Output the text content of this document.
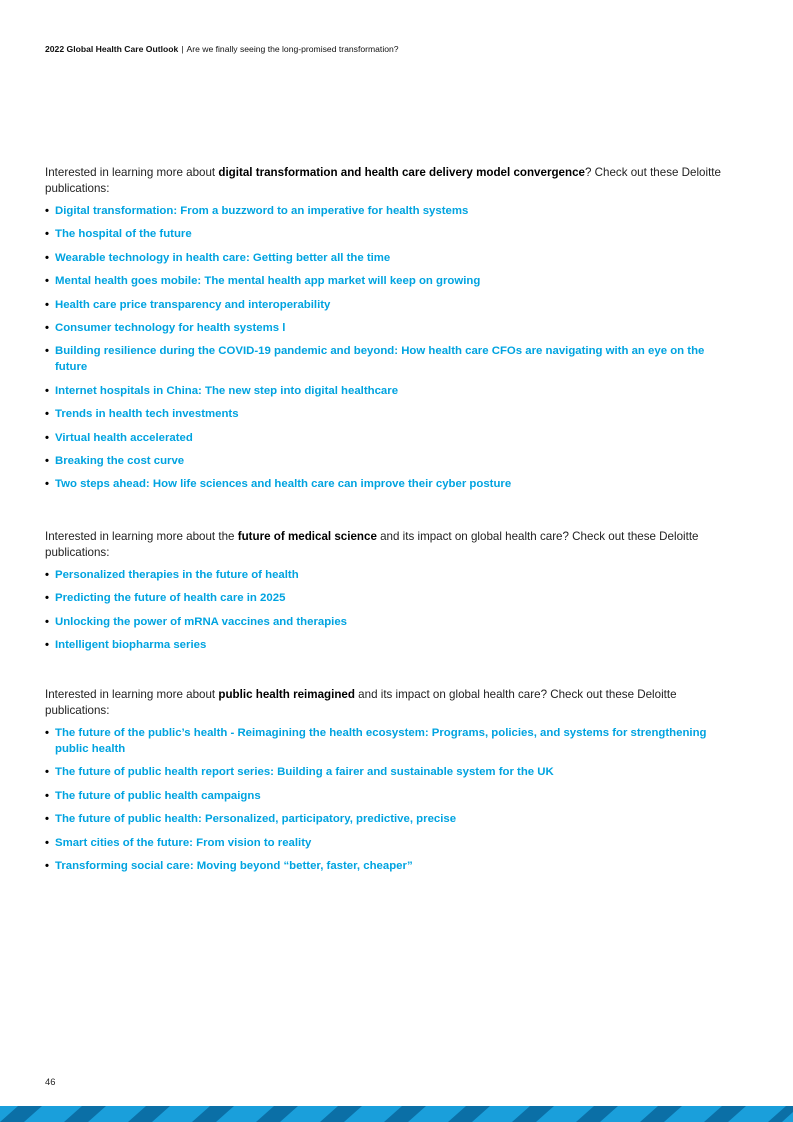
2022 Global Health Care Outlook | Are we finally seeing the long-promised transformation?

Interested in learning more about digital transformation and health care delivery model convergence? Check out these Deloitte publications:

• Digital transformation: From a buzzword to an imperative for health systems
• The hospital of the future
• Wearable technology in health care: Getting better all the time
• Mental health goes mobile: The mental health app market will keep on growing
• Health care price transparency and interoperability
• Consumer technology for health systems l
• Building resilience during the COVID-19 pandemic and beyond: How health care CFOs are navigating with an eye on the future
• Internet hospitals in China: The new step into digital healthcare
• Trends in health tech investments
• Virtual health accelerated
• Breaking the cost curve
• Two steps ahead: How life sciences and health care can improve their cyber posture

Interested in learning more about the future of medical science and its impact on global health care? Check out these Deloitte publications:

• Personalized therapies in the future of health
• Predicting the future of health care in 2025
• Unlocking the power of mRNA vaccines and therapies
• Intelligent biopharma series

Interested in learning more about public health reimagined and its impact on global health care? Check out these Deloitte publications:

• The future of the public’s health - Reimagining the health ecosystem: Programs, policies, and systems for strengthening public health
• The future of public health report series: Building a fairer and sustainable system for the UK
• The future of public health campaigns
• The future of public health: Personalized, participatory, predictive, precise
• Smart cities of the future: From vision to reality
• Transforming social care: Moving beyond “better, faster, cheaper”
46
